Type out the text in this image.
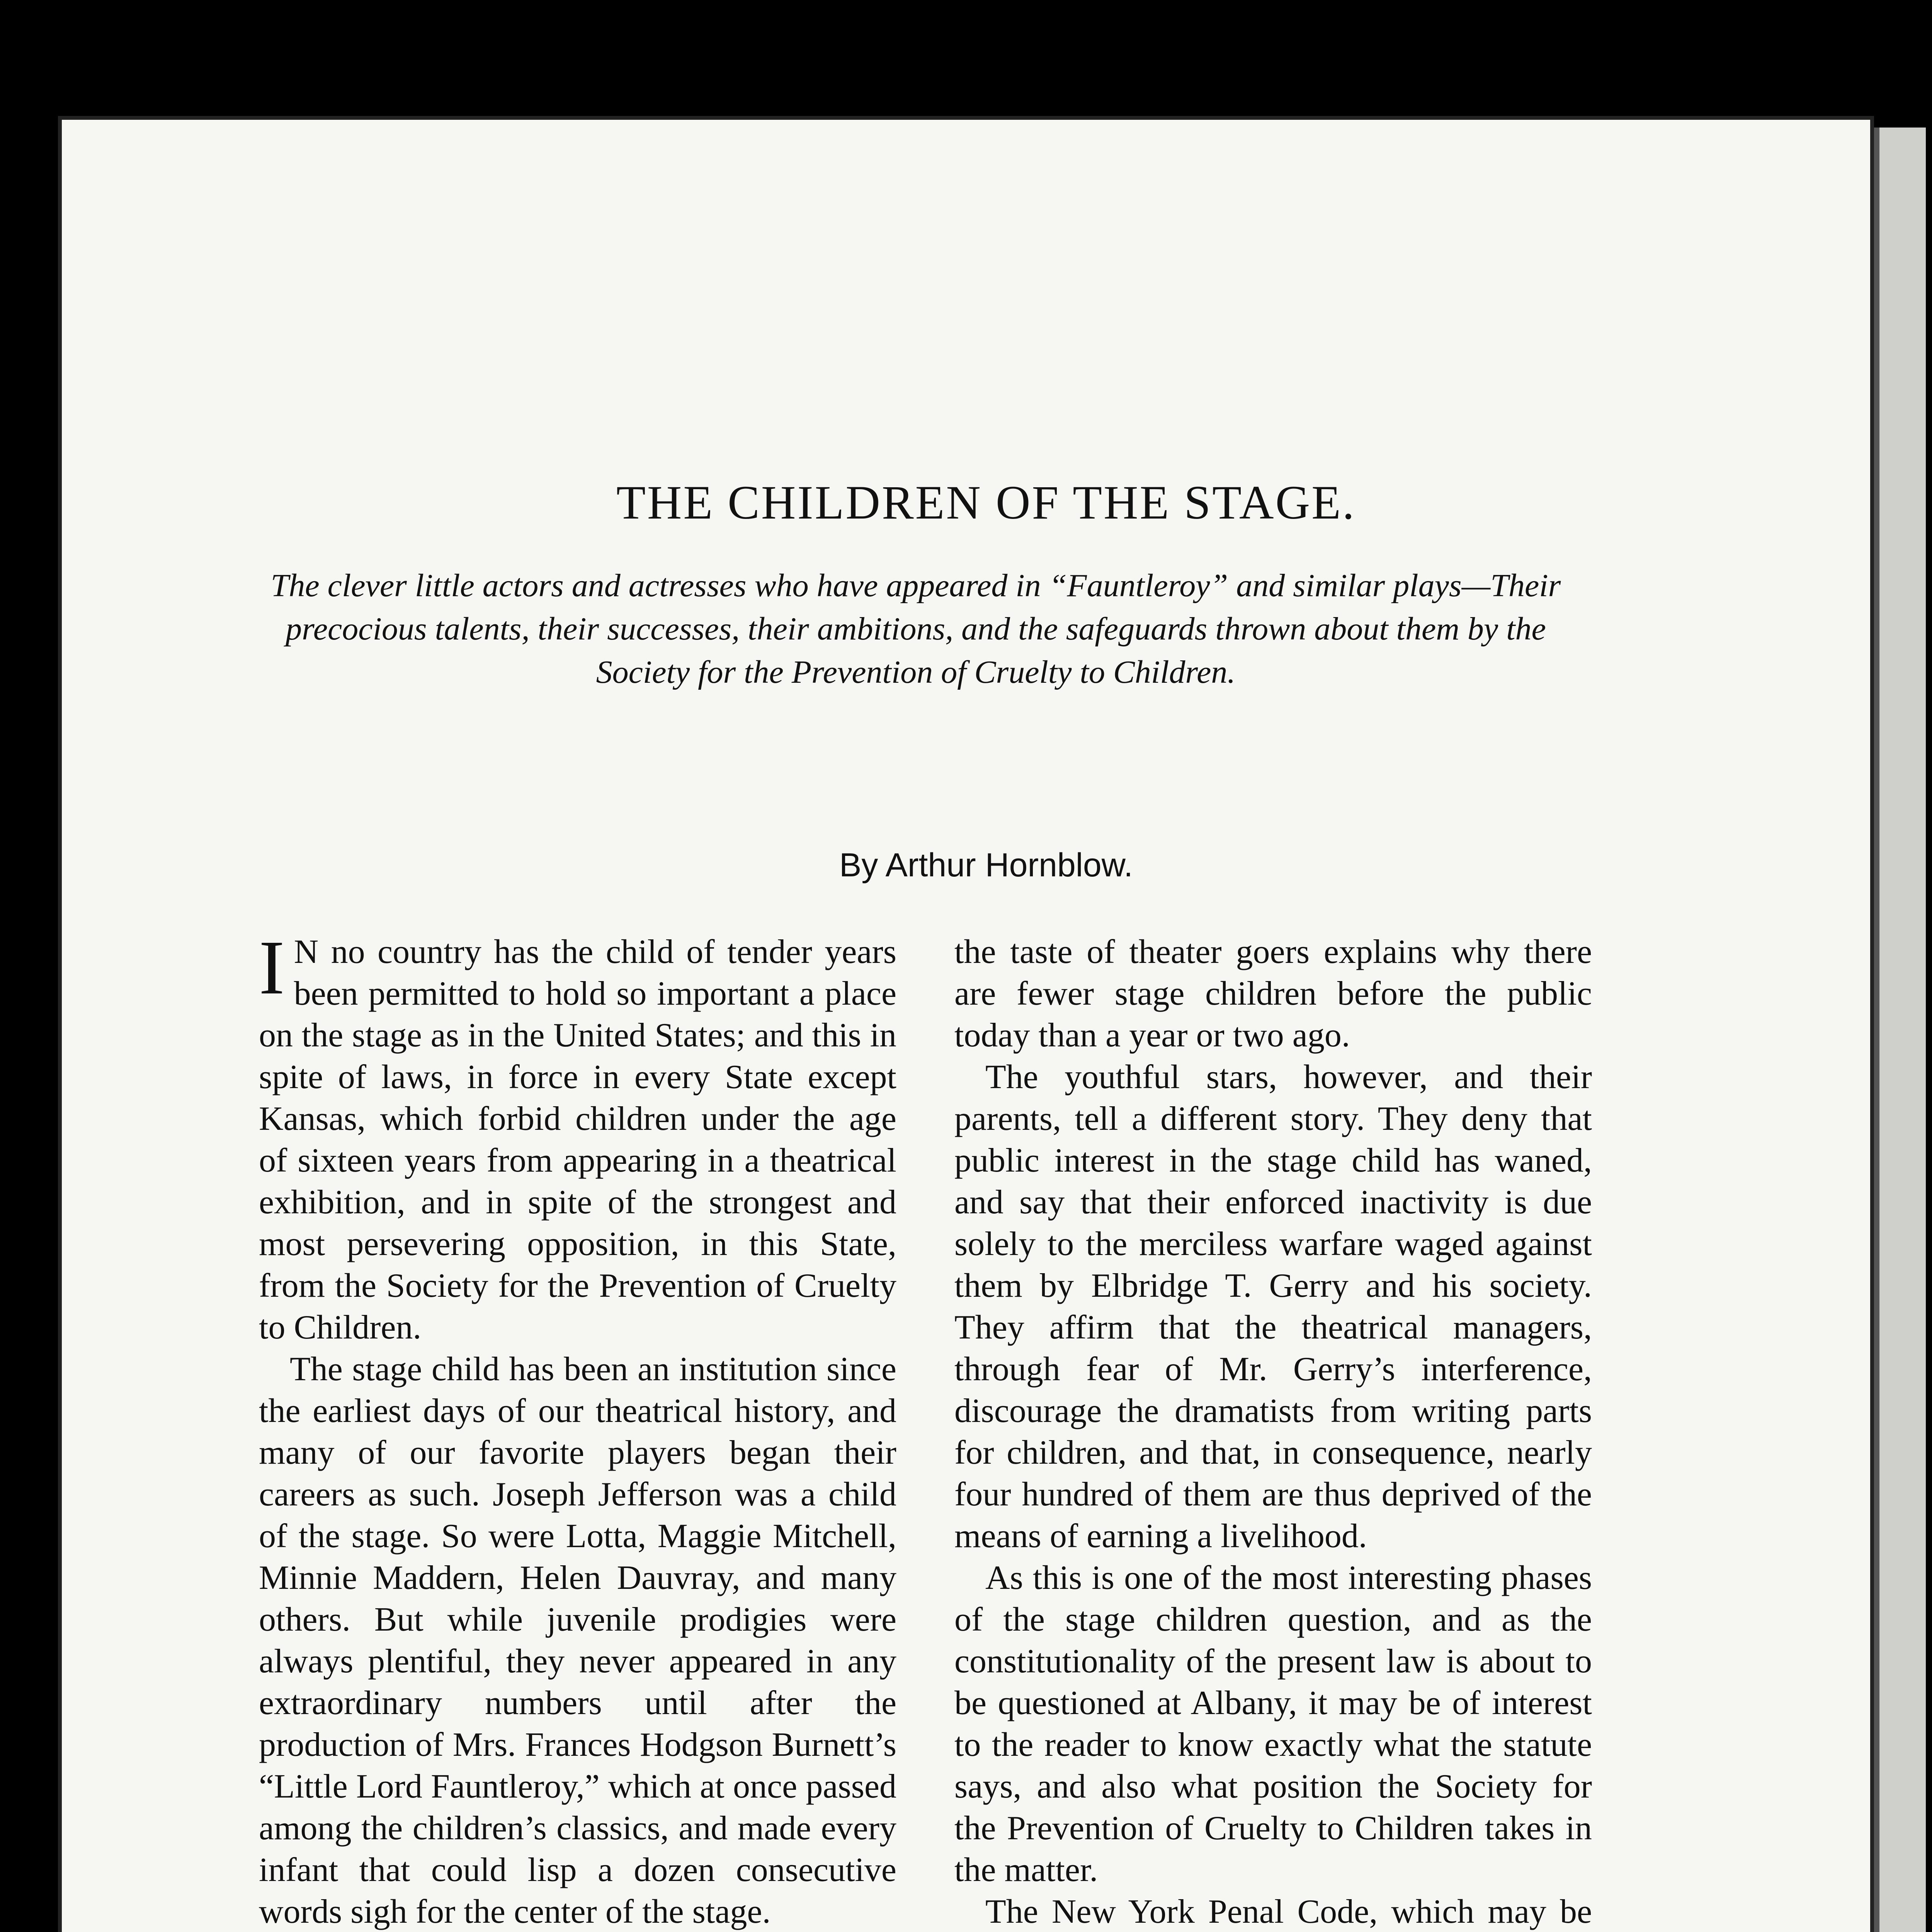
THE CHILDREN OF THE STAGE.
The clever little actors and actresses who have appeared in “Fauntleroy” and similar plays—Their precocious talents, their successes, their ambitions, and the safeguards thrown about them by the Society for the Prevention of Cruelty to Children.
By Arthur Hornblow.

I N no country has the child of tender years been permitted to hold so important a place on the stage as in the United States; and this in spite of laws, in force in every State except Kansas, which forbid children under the age of sixteen years from appearing in a theatrical exhibition, and in spite of the strongest and most persevering opposition, in this State, from the Society for the Prevention of Cruelty to Children.

The stage child has been an institution since the earliest days of our theatrical history, and many of our favorite players began their careers as such. Joseph Jefferson was a child of the stage. So were Lotta, Maggie Mitchell, Minnie Maddern, Helen Dauvray, and many others. But while juvenile prodigies were always plentiful, they never appeared in any extraordinary numbers until after the production of Mrs. Frances Hodgson Burnett’s “Little Lord Fauntleroy,” which at once passed among the children’s classics, and made every infant that could lisp a dozen consecutive words sigh for the center of the stage.

the taste of theater goers explains why there are fewer stage children before the public today than a year or two ago.

The youthful stars, however, and their parents, tell a different story. They deny that public interest in the stage child has waned, and say that their enforced inactivity is due solely to the merciless warfare waged against them by Elbridge T. Gerry and his society. They affirm that the theatrical managers, through fear of Mr. Gerry’s interference, discourage the dramatists from writing parts for children, and that, in consequence, nearly four hundred of them are thus deprived of the means of earning a livelihood.

As this is one of the most interesting phases of the stage children question, and as the constitutionality of the present law is about to be questioned at Albany, it may be of interest to the reader to know exactly what the statute says, and also what position the Society for the Prevention of Cruelty to Children takes in the matter.

The New York Penal Code, which may be
